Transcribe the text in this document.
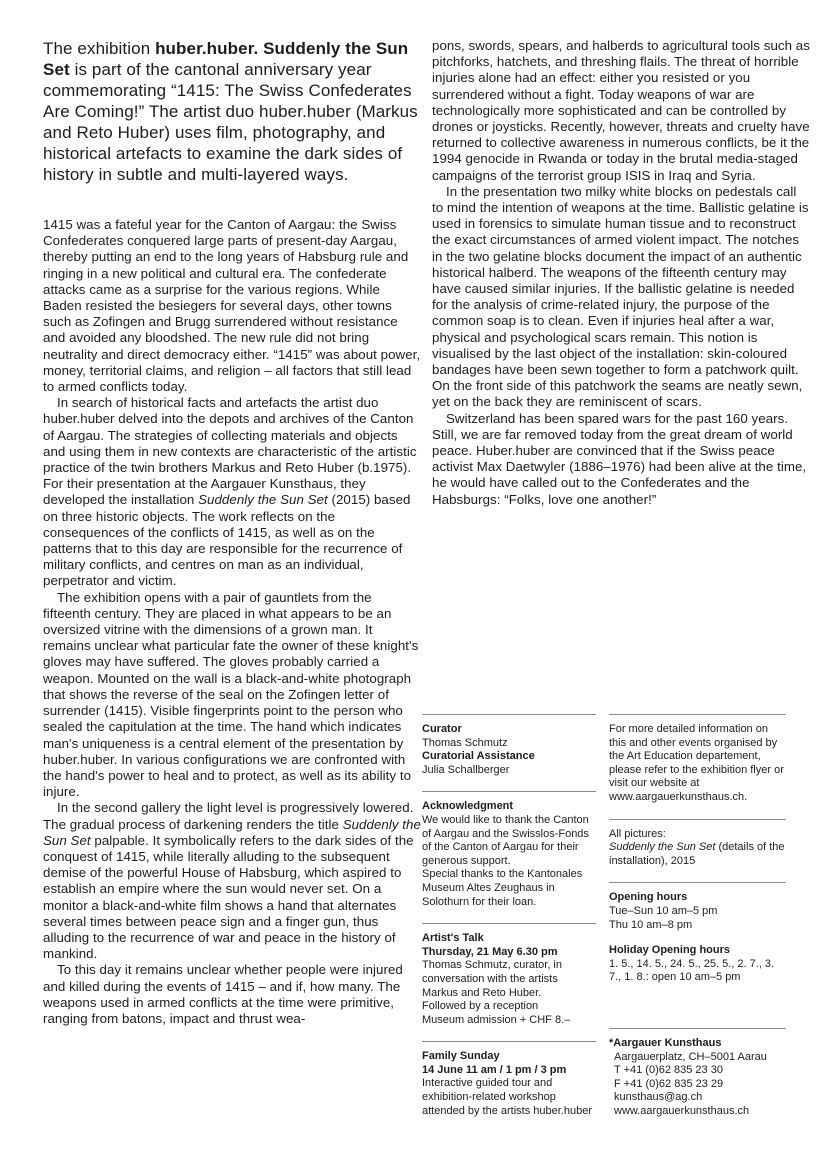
The exhibition huber.huber. Suddenly the Sun Set is part of the cantonal anniversary year commemorating “1415: The Swiss Confederates Are Coming!” The artist duo huber.huber (Markus and Reto Huber) uses film, photography, and historical artefacts to examine the dark sides of history in subtle and multi-layered ways.

1415 was a fateful year for the Canton of Aargau: the Swiss Confederates conquered large parts of present-day Aargau, thereby putting an end to the long years of Habsburg rule and ringing in a new political and cultural era. The confederate attacks came as a surprise for the various regions. While Baden resisted the besiegers for several days, other towns such as Zofingen and Brugg surrendered without resistance and avoided any bloodshed. The new rule did not bring neutrality and direct democracy either. “1415” was about power, money, territorial claims, and religion – all factors that still lead to armed conflicts today.

In search of historical facts and artefacts the artist duo huber.huber delved into the depots and archives of the Canton of Aargau. The strategies of collecting materials and objects and using them in new contexts are characteristic of the artistic practice of the twin brothers Markus and Reto Huber (b.1975). For their presentation at the Aargauer Kunsthaus, they developed the installation Suddenly the Sun Set (2015) based on three historic objects. The work reflects on the consequences of the conflicts of 1415, as well as on the patterns that to this day are responsible for the recurrence of military conflicts, and centres on man as an individual, perpetrator and victim.

The exhibition opens with a pair of gauntlets from the fifteenth century. They are placed in what appears to be an oversized vitrine with the dimensions of a grown man. It remains unclear what particular fate the owner of these knight's gloves may have suffered. The gloves probably carried a weapon. Mounted on the wall is a black-and-white photograph that shows the reverse of the seal on the Zofingen letter of surrender (1415). Visible fingerprints point to the person who sealed the capitulation at the time. The hand which indicates man's uniqueness is a central element of the presentation by huber.huber. In various configurations we are confronted with the hand's power to heal and to protect, as well as its ability to injure.

In the second gallery the light level is progressively lowered. The gradual process of darkening renders the title Suddenly the Sun Set palpable. It symbolically refers to the dark sides of the conquest of 1415, while literally alluding to the subsequent demise of the powerful House of Habsburg, which aspired to establish an empire where the sun would never set. On a monitor a black-and-white film shows a hand that alternates several times between peace sign and a finger gun, thus alluding to the recurrence of war and peace in the history of mankind.

To this day it remains unclear whether people were injured and killed during the events of 1415 – and if, how many. The weapons used in armed conflicts at the time were primitive, ranging from batons, impact and thrust wea-

pons, swords, spears, and halberds to agricultural tools such as pitchforks, hatchets, and threshing flails. The threat of horrible injuries alone had an effect: either you resisted or you surrendered without a fight. Today weapons of war are technologically more sophisticated and can be controlled by drones or joysticks. Recently, however, threats and cruelty have returned to collective awareness in numerous conflicts, be it the 1994 genocide in Rwanda or today in the brutal media-staged campaigns of the terrorist group ISIS in Iraq and Syria.

In the presentation two milky white blocks on pedestals call to mind the intention of weapons at the time. Ballistic gelatine is used in forensics to simulate human tissue and to reconstruct the exact circumstances of armed violent impact. The notches in the two gelatine blocks document the impact of an authentic historical halberd. The weapons of the fifteenth century may have caused similar injuries. If the ballistic gelatine is needed for the analysis of crime-related injury, the purpose of the common soap is to clean. Even if injuries heal after a war, physical and psychological scars remain. This notion is visualised by the last object of the installation: skin-coloured bandages have been sewn together to form a patchwork quilt. On the front side of this patchwork the seams are neatly sewn, yet on the back they are reminiscent of scars.

Switzerland has been spared wars for the past 160 years. Still, we are far removed today from the great dream of world peace. Huber.huber are convinced that if the Swiss peace activist Max Daetwyler (1886–1976) had been alive at the time, he would have called out to the Confederates and the Habsburgs: “Folks, love one another!”

Curator
Thomas Schmutz
Curatorial Assistance
Julia Schallberger
Acknowledgment
We would like to thank the Canton of Aargau and the Swisslos-Fonds of the Canton of Aargau for their generous support.
Special thanks to the Kantonales Museum Altes Zeughaus in Solothurn for their loan.
Artist's Talk
Thursday, 21 May 6.30 pm
Thomas Schmutz, curator, in conversation with the artists Markus and Reto Huber.
Followed by a reception
Museum admission + CHF 8.–
Family Sunday
14 June 11 am / 1 pm / 3 pm
Interactive guided tour and exhibition-related workshop attended by the artists huber.huber
For more detailed information on this and other events organised by the Art Education departement, please refer to the exhibition flyer or visit our website at www.aargauerkunsthaus.ch.
All pictures:
Suddenly the Sun Set (details of the installation), 2015
Opening hours
Tue–Sun 10 am–5 pm
Thu 10 am–8 pm
Holiday Opening hours
1. 5., 14. 5., 24. 5., 25. 5., 2. 7., 3. 7., 1. 8.: open 10 am–5 pm
*Aargauer Kunsthaus
Aargauerplatz, CH–5001 Aarau
T +41 (0)62 835 23 30
F +41 (0)62 835 23 29
kunsthaus@ag.ch
www.aargauerkunsthaus.ch
